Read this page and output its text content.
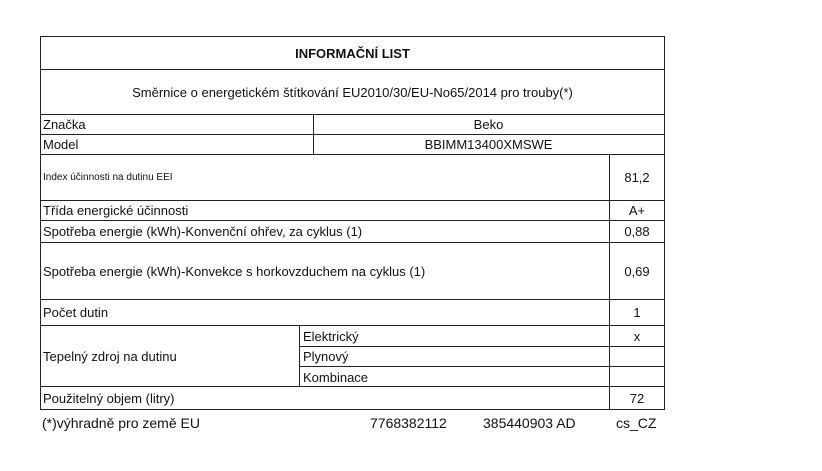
INFORMAČNÍ LIST
Směrnice o energetickém štítkování EU2010/30/EU-No65/2014 pro trouby(*)
Značka	Beko
Model	BBIMM13400XMSWE
Index účinnosti na dutinu EEI	81,2
Třída energické účinnosti	A+
Spotřeba energie (kWh)-Konvenční ohřev, za cyklus (1)	0,88
Spotřeba energie (kWh)-Konvekce s horkovzduchem na cyklus (1)	0,69
Počet dutin	1
Tepelný zdroj na dutinu
Elektrický	x
Plynový
Kombinace
Použitelný objem (litry)	72
(*)výhradně pro země EU	7768382112	385440903 AD	cs_CZ
